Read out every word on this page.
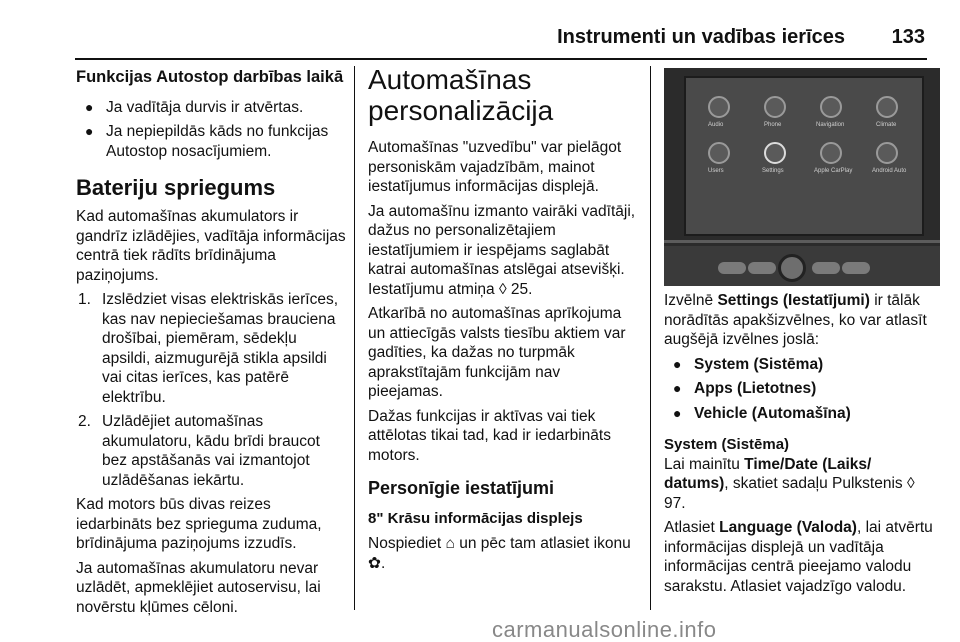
Instrumenti un vadības ierīces 133
Funkcijas Autostop darbības laikā
● Ja vadītāja durvis ir atvērtas.
● Ja nepiepildās kāds no funkcijas Autostop nosacījumiem.
Bateriju spriegums

Kad automašīnas akumulators ir gandrīz izlādējies, vadītāja informācijas centrā tiek rādīts brīdinājuma paziņojums.

1. Izslēdziet visas elektriskās ierīces, kas nav nepieciešamas brauciena drošībai, piemēram, sēdekļu apsildi, aizmugurējā stikla apsildi vai citas ierīces, kas patērē elektrību.
2. Uzlādējiet automašīnas akumulatoru, kādu brīdi braucot bez apstāšanās vai izmantojot uzlādēšanas iekārtu.

Kad motors būs divas reizes iedarbināts bez sprieguma zuduma, brīdinājuma paziņojums izzudīs.

Ja automašīnas akumulatoru nevar uzlādēt, apmeklējiet autoservisu, lai novērstu kļūmes cēloni.

Automašīnas personalizācija

Automašīnas "uzvedību" var pielāgot personiskām vajadzībām, mainot iestatījumus informācijas displejā.

Ja automašīnu izmanto vairāki vadītāji, dažus no personalizētajiem iestatījumiem ir iespējams saglabāt katrai automašīnas atslēgai atsevišķi. Iestatījumu atmiņa ◊ 25.

Atkarībā no automašīnas aprīkojuma un attiecīgās valsts tiesību aktiem var gadīties, ka dažas no turpmāk aprakstītajām funkcijām nav pieejamas.

Dažas funkcijas ir aktīvas vai tiek attēlotas tikai tad, kad ir iedarbināts motors.

Personīgie iestatījumi
8" Krāsu informācijas displejs

Nospiediet ⌂ un pēc tam atlasiet ikonu ✿.

Audio	Phone	Navigation	Climate
Users	Settings	Apple CarPlay	Android Auto

Izvēlnē Settings (Iestatījumi) ir tālāk norādītās apakšizvēlnes, ko var atlasīt augšējā izvēlnes joslā:

● System (Sistēma)
● Apps (Lietotnes)
● Vehicle (Automašīna)
System (Sistēma)

Lai mainītu Time/Date (Laiks/ datums), skatiet sadaļu Pulkstenis ◊ 97.

Atlasiet Language (Valoda), lai atvērtu informācijas displejā un vadītāja informācijas centrā pieejamo valodu sarakstu. Atlasiet vajadzīgo valodu.

carmanualsonline.info
